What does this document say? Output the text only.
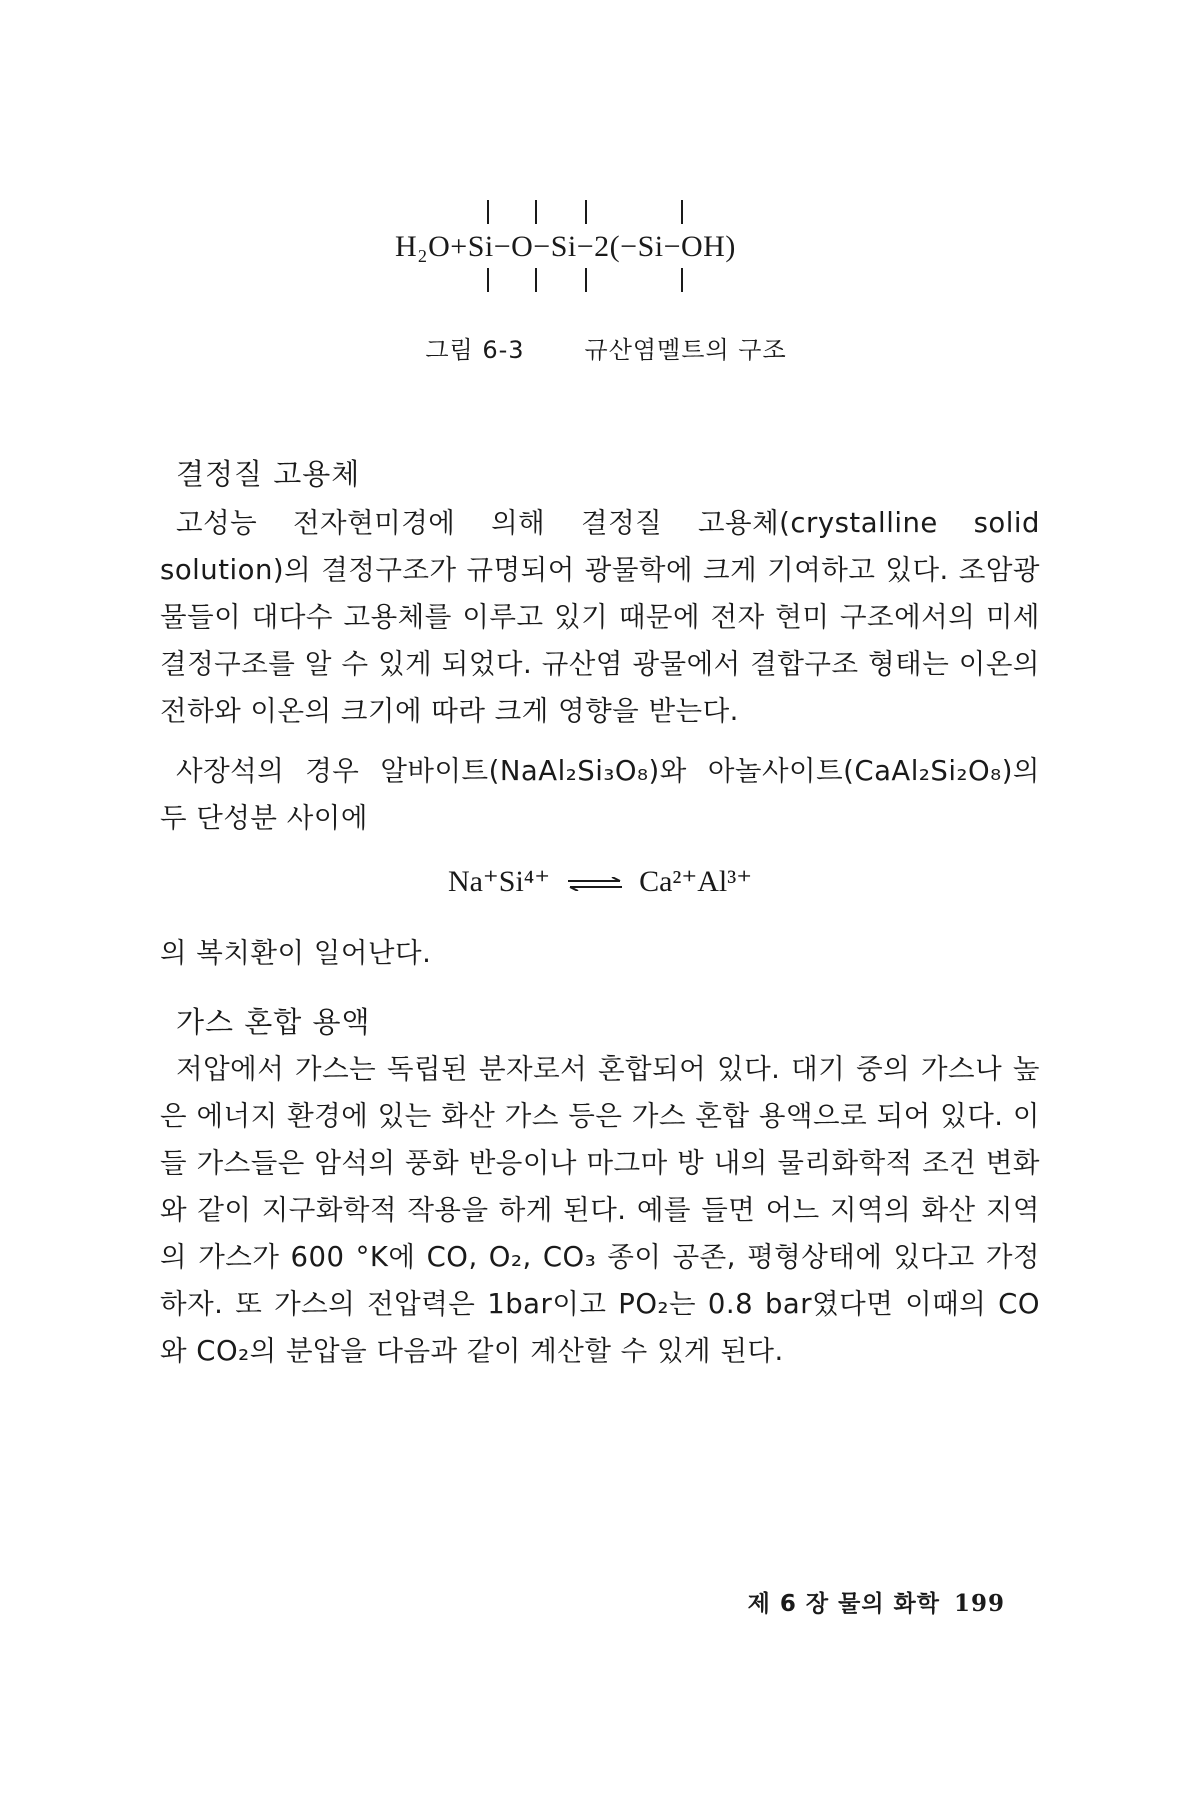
H₂O+Si−O−Si−2(−Si−OH)
그림 6-3	규산염멜트의 구조
결정질 고용체
고성능 전자현미경에 의해 결정질 고용체(crystalline solid solution)의 결정구조가 규명되어 광물학에 크게 기여하고 있다. 조암광물들이 대다수 고용체를 이루고 있기 때문에 전자 현미 구조에서의 미세 결정구조를 알 수 있게 되었다. 규산염 광물에서 결합구조 형태는 이온의 전하와 이온의 크기에 따라 크게 영향을 받는다.
사장석의 경우 알바이트(NaAl₂Si₃O₈)와 아놀사이트(CaAl₂Si₂O₈)의 두 단성분 사이에
Na⁺Si⁴⁺ ⇌ Ca²⁺Al³⁺
의 복치환이 일어난다.
가스 혼합 용액
저압에서 가스는 독립된 분자로서 혼합되어 있다. 대기 중의 가스나 높은 에너지 환경에 있는 화산 가스 등은 가스 혼합 용액으로 되어 있다. 이들 가스들은 암석의 풍화 반응이나 마그마 방 내의 물리화학적 조건 변화와 같이 지구화학적 작용을 하게 된다. 예를 들면 어느 지역의 화산 지역의 가스가 600 °K에 CO, O₂, CO₃ 종이 공존, 평형상태에 있다고 가정하자. 또 가스의 전압력은 1bar이고 PO₂는 0.8 bar였다면 이때의 CO와 CO₂의 분압을 다음과 같이 계산할 수 있게 된다.
제 6 장 물의 화학 199
